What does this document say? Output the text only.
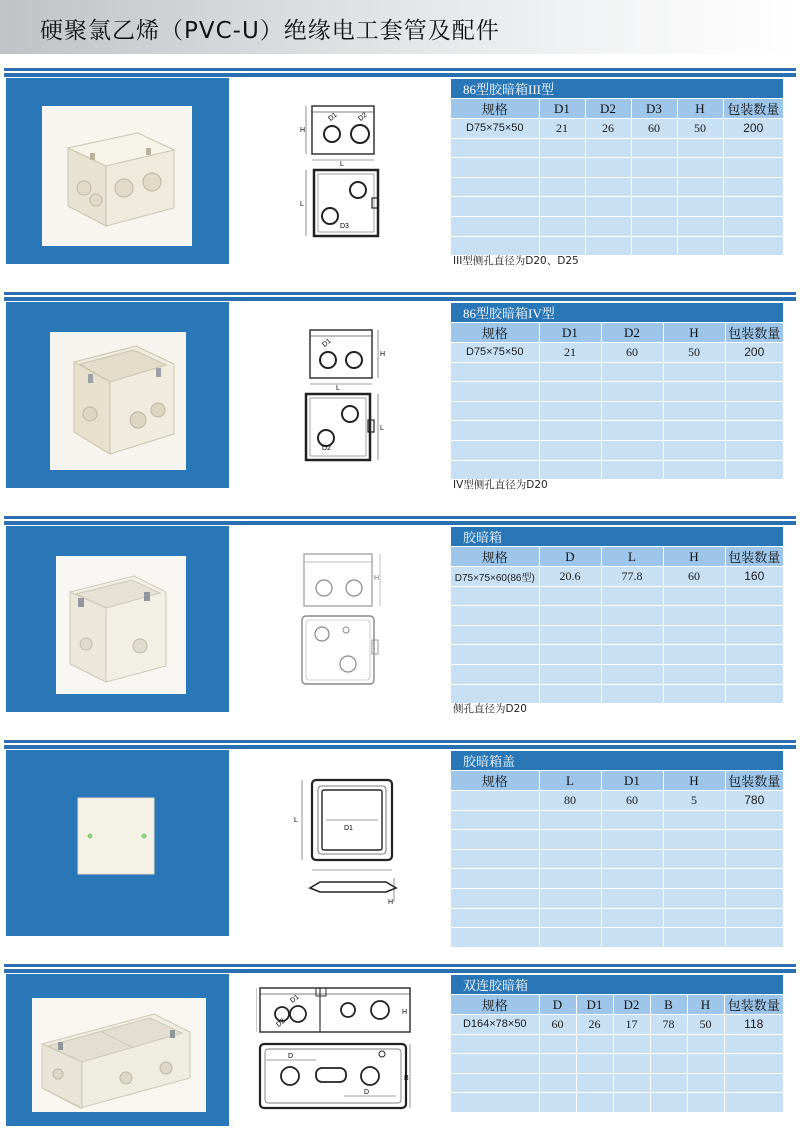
硬聚氯乙烯（PVC-U）绝缘电工套管及配件
D1	D2
H
L
D3
L
86型胶暗箱III型					
规格	D1	D2	D3	H	包装数量
D75×75×50	21	26	60	50	200

III型侧孔直径为D20、D25
D1
H
L
D2
L
86型胶暗箱IV型				
规格	D1	D2	H	包装数量
D75×75×50	21	60	50	200

IV型侧孔直径为D20
H
胶暗箱				
规格	D	L	H	包装数量
D75×75×60(86型)	20.6	77.8	60	160

侧孔直径为D20
D1
L
H
胶暗箱盖				
规格	L	D1	H	包装数量
	80	60	5	780

D1
D2
H
D
D
B
双连胶暗箱						
规格	D	D1	D2	B	H	包装数量
D164×78×50	60	26	17	78	50	118
